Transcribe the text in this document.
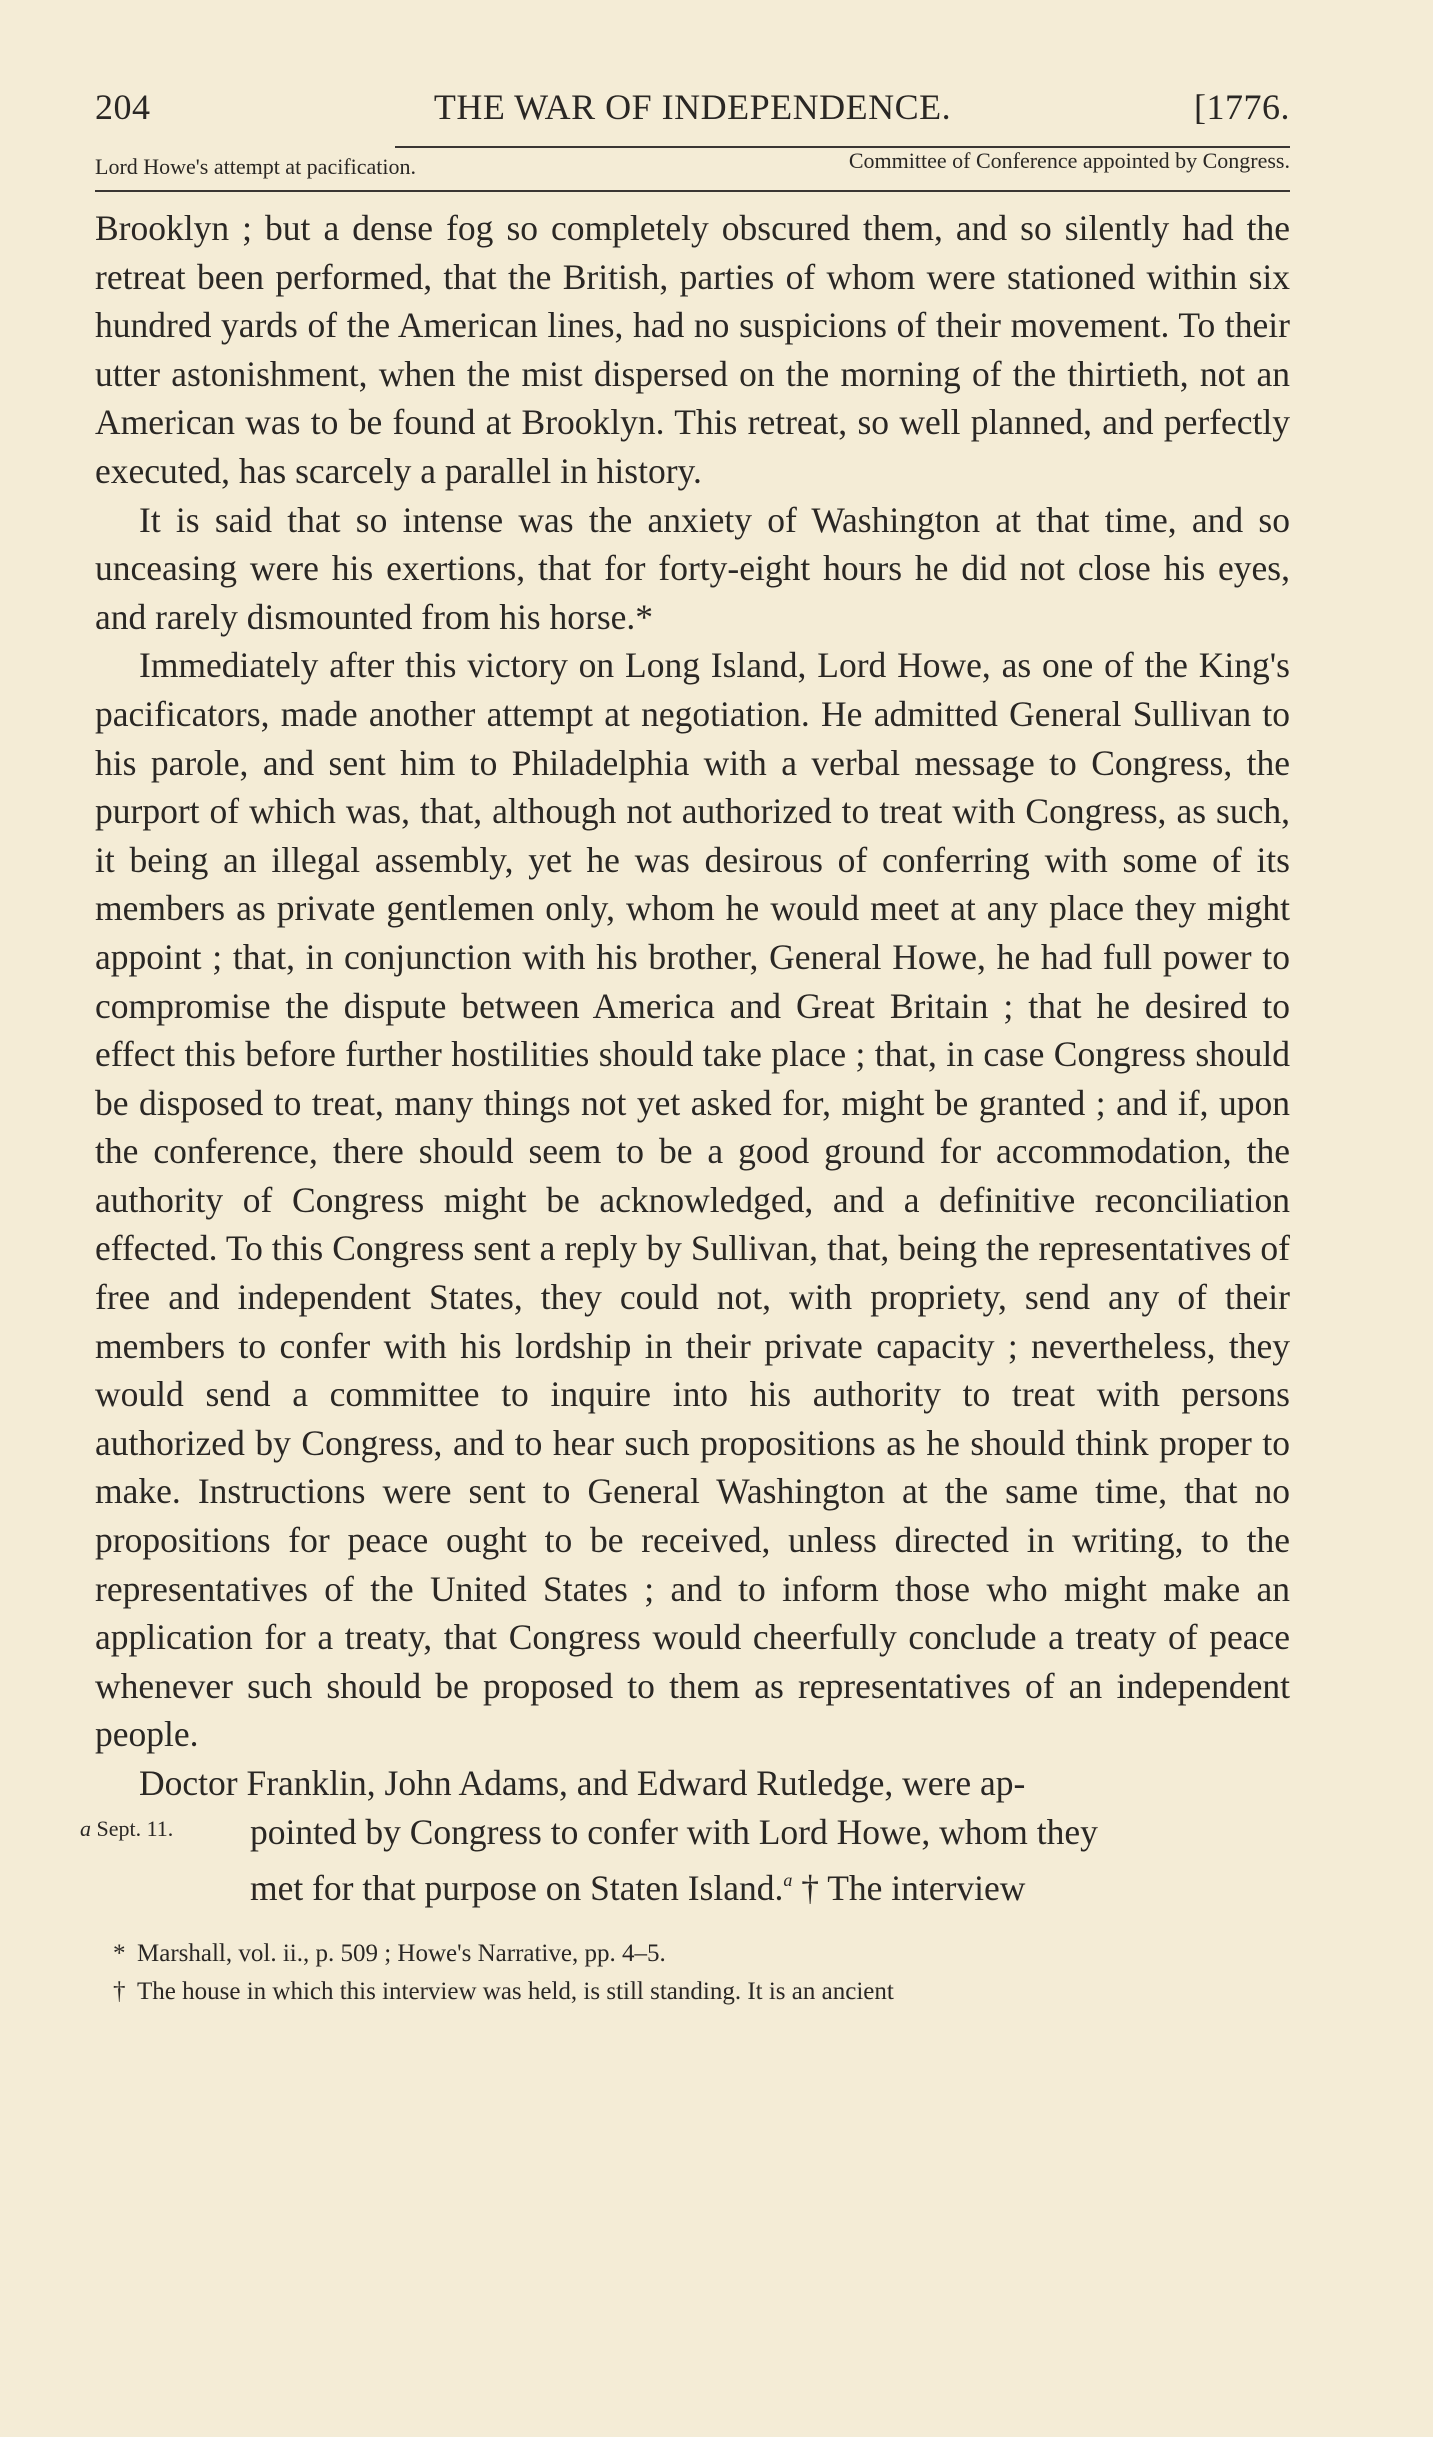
204	THE WAR OF INDEPENDENCE.	[1776.
Lord Howe's attempt at pacification.	Committee of Conference appointed by Congress.

Brooklyn ; but a dense fog so completely obscured them, and so silently had the retreat been performed, that the British, parties of whom were stationed within six hundred yards of the American lines, had no suspicions of their movement. To their utter astonishment, when the mist dispersed on the morning of the thirtieth, not an American was to be found at Brooklyn. This retreat, so well planned, and perfectly executed, has scarcely a parallel in history.

It is said that so intense was the anxiety of Washington at that time, and so unceasing were his exertions, that for forty-eight hours he did not close his eyes, and rarely dismounted from his horse.*

Immediately after this victory on Long Island, Lord Howe, as one of the King's pacificators, made another attempt at negotiation. He admitted General Sullivan to his parole, and sent him to Philadelphia with a verbal message to Congress, the purport of which was, that, although not authorized to treat with Congress, as such, it being an illegal assembly, yet he was desirous of conferring with some of its members as private gentlemen only, whom he would meet at any place they might appoint ; that, in conjunction with his brother, General Howe, he had full power to compromise the dispute between America and Great Britain ; that he desired to effect this before further hostilities should take place ; that, in case Congress should be disposed to treat, many things not yet asked for, might be granted ; and if, upon the conference, there should seem to be a good ground for accommodation, the authority of Congress might be acknowledged, and a definitive reconciliation effected. To this Congress sent a reply by Sullivan, that, being the representatives of free and independent States, they could not, with propriety, send any of their members to confer with his lordship in their private capacity ; nevertheless, they would send a committee to inquire into his authority to treat with persons authorized by Congress, and to hear such propositions as he should think proper to make. Instructions were sent to General Washington at the same time, that no propositions for peace ought to be received, unless directed in writing, to the representatives of the United States ; and to inform those who might make an application for a treaty, that Congress would cheerfully conclude a treaty of peace whenever such should be proposed to them as representatives of an independent people.

a Sept. 11.

Doctor Franklin, John Adams, and Edward Rutledge, were ap-

pointed by Congress to confer with Lord Howe, whom they

met for that purpose on Staten Island.$^a$ † The interview

* Marshall, vol. ii., p. 509 ; Howe's Narrative, pp. 4–5.

† The house in which this interview was held, is still standing. It is an ancient
